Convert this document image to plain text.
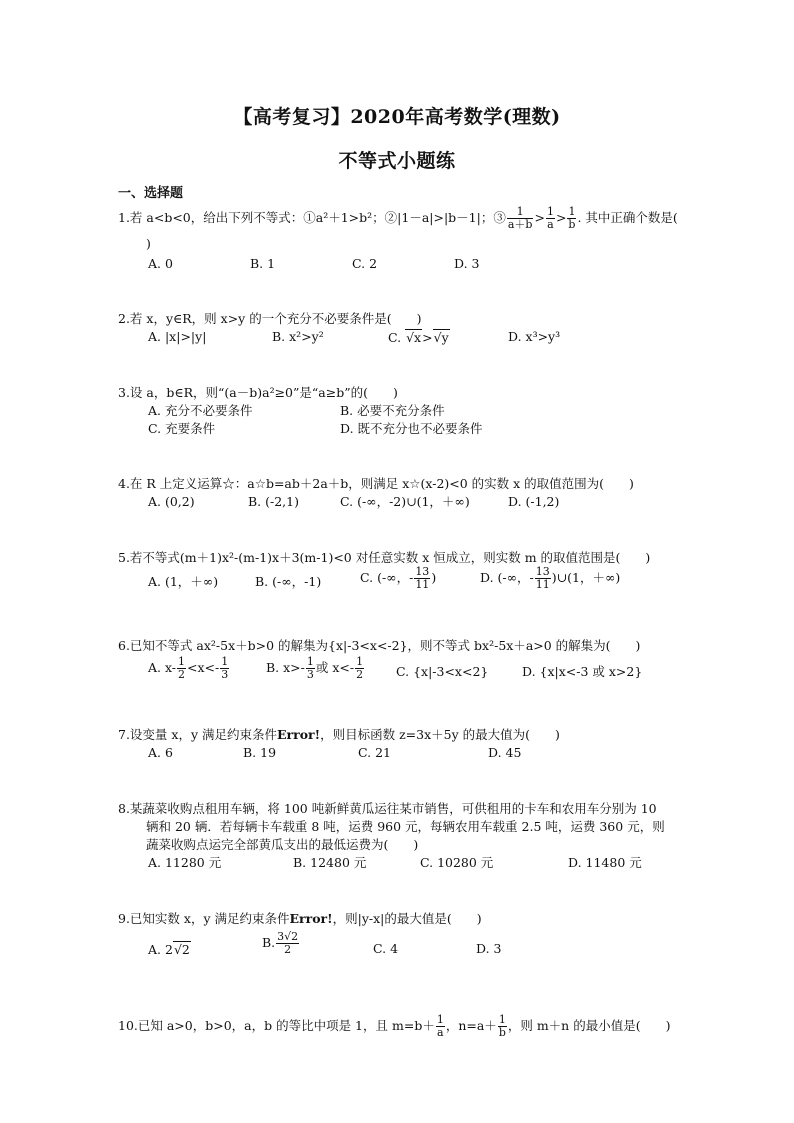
【高考复习】2020年高考数学(理数)
不等式小题练
一、选择题
1.若 a<b<0，给出下列不等式：①a²＋1>b²；②|1－a|>|b－1|；③ $\frac{1}{a+b} > \frac{1}{a} > \frac{1}{b}$ . 其中正确个数是(
)
A. 0	B. 1	C. 2	D. 3
2.若 x，y∈R，则 x>y 的一个充分不必要条件是(　　)
A. |x|>|y|	B. x²>y²	C. √x>√y	D. x³>y³
3.设 a，b∈R，则“(a－b)a²≥0”是“a≥b”的(　　)
A. 充分不必要条件	B. 必要不充分条件
C. 充要条件	D. 既不充分也不必要条件
4.在 R 上定义运算☆：a☆b=ab＋2a＋b，则满足 x☆(x-2)<0 的实数 x 的取值范围为(　　)
A. (0,2)	B. (-2,1)	C. (-∞，-2)∪(1，＋∞)	D. (-1,2)
5.若不等式(m＋1)x²-(m-1)x＋3(m-1)<0 对任意实数 x 恒成立，则实数 m 的取值范围是(　　)
A. (1，＋∞)	B. (-∞，-1)	C. (-∞，- $\frac{13}{11}$ )	D. (-∞，- $\frac{13}{11}$ )∪(1，＋∞)
6.已知不等式 ax²-5x＋b>0 的解集为{x|-3<x<-2}，则不等式 bx²-5x＋a>0 的解集为(　　)
A. $x- \frac{1}{2} <x<- \frac{1}{3}$	B. $x>- \frac{1}{3}$ 或 $x<- \frac{1}{2}$	C. {x|-3<x<2}	D. {x|x<-3 或 x>2}
7.设变量 x，y 满足约束条件Error!，则目标函数 z=3x＋5y 的最大值为(　　)
A. 6	B. 19	C. 21	D. 45
8.某蔬菜收购点租用车辆，将 100 吨新鲜黄瓜运往某市销售，可供租用的卡车和农用车分别为 10
辆和 20 辆．若每辆卡车载重 8 吨，运费 960 元，每辆农用车载重 2.5 吨，运费 360 元，则
蔬菜收购点运完全部黄瓜支出的最低运费为(　　)
A. 11280 元	B. 12480 元	C. 10280 元	D. 11480 元
9.已知实数 x，y 满足约束条件Error!，则|y-x|的最大值是(　　)
A. 2√2	B. $\frac{3√2}{2}$	C. 4	D. 3
10.已知 a>0，b>0，a，b 的等比中项是 1，且 $m=b+ \frac{1}{a}$ ，$n=a+ \frac{1}{b}$ ，则 m＋n 的最小值是(　　)
